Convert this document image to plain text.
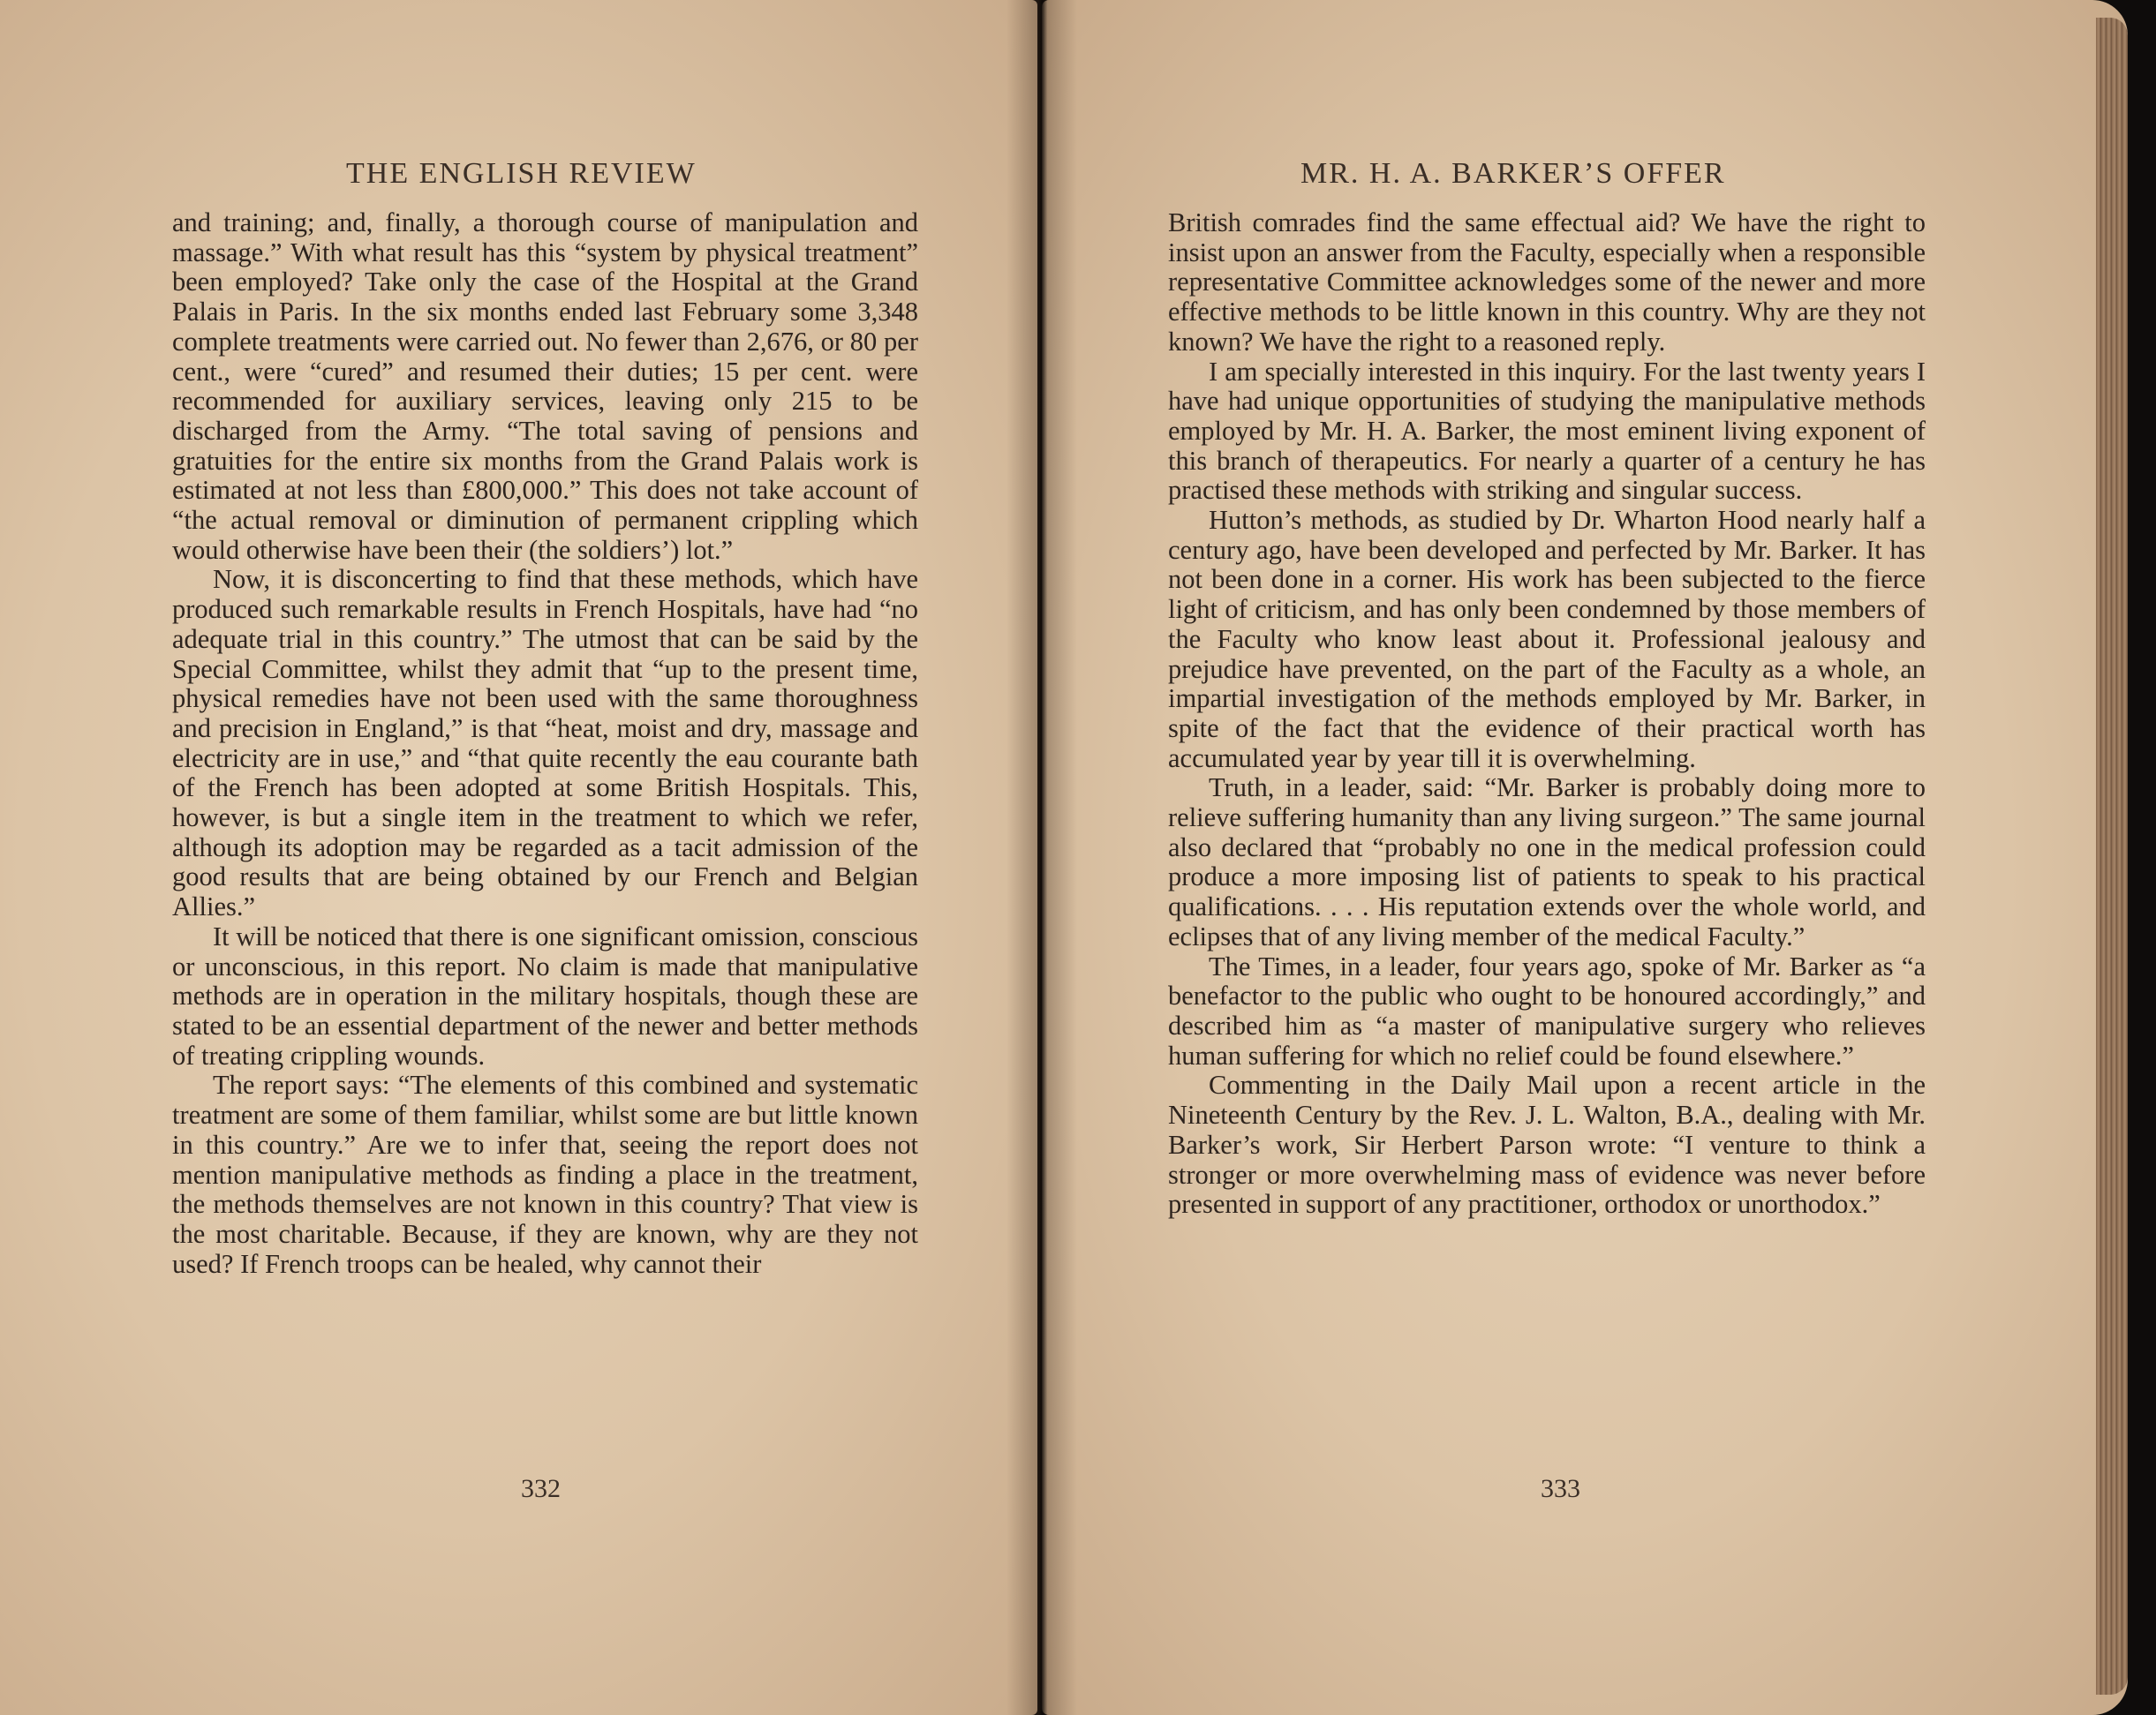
THE ENGLISH REVIEW

and training; and, finally, a thorough course of manipulation and massage.” With what result has this “system by physical treatment” been employed? Take only the case of the Hospital at the Grand Palais in Paris. In the six months ended last February some 3,348 complete treatments were carried out. No fewer than 2,676, or 80 per cent., were “cured” and resumed their duties; 15 per cent. were recommended for auxiliary services, leaving only 215 to be discharged from the Army. “The total saving of pensions and gratuities for the entire six months from the Grand Palais work is estimated at not less than £800,000.” This does not take account of “the actual removal or diminution of permanent crippling which would otherwise have been their (the soldiers’) lot.”

Now, it is disconcerting to find that these methods, which have produced such remarkable results in French Hospitals, have had “no adequate trial in this country.” The utmost that can be said by the Special Committee, whilst they admit that “up to the present time, physical remedies have not been used with the same thoroughness and precision in England,” is that “heat, moist and dry, massage and electricity are in use,” and “that quite recently the eau courante bath of the French has been adopted at some British Hospitals. This, however, is but a single item in the treatment to which we refer, although its adoption may be regarded as a tacit admission of the good results that are being obtained by our French and Belgian Allies.”

It will be noticed that there is one significant omission, conscious or unconscious, in this report. No claim is made that manipulative methods are in operation in the military hospitals, though these are stated to be an essential department of the newer and better methods of treating crippling wounds.

The report says: “The elements of this combined and systematic treatment are some of them familiar, whilst some are but little known in this country.” Are we to infer that, seeing the report does not mention manipulative methods as finding a place in the treatment, the methods themselves are not known in this country? That view is the most charitable. Because, if they are known, why are they not used? If French troops can be healed, why cannot their

332
MR. H. A. BARKER’S OFFER

British comrades find the same effectual aid? We have the right to insist upon an answer from the Faculty, especially when a responsible representative Committee acknowledges some of the newer and more effective methods to be little known in this country. Why are they not known? We have the right to a reasoned reply.

I am specially interested in this inquiry. For the last twenty years I have had unique opportunities of studying the manipulative methods employed by Mr. H. A. Barker, the most eminent living exponent of this branch of therapeutics. For nearly a quarter of a century he has practised these methods with striking and singular success.

Hutton’s methods, as studied by Dr. Wharton Hood nearly half a century ago, have been developed and perfected by Mr. Barker. It has not been done in a corner. His work has been subjected to the fierce light of criticism, and has only been condemned by those members of the Faculty who know least about it. Professional jealousy and prejudice have prevented, on the part of the Faculty as a whole, an impartial investigation of the methods employed by Mr. Barker, in spite of the fact that the evidence of their practical worth has accumulated year by year till it is overwhelming.

Truth, in a leader, said: “Mr. Barker is probably doing more to relieve suffering humanity than any living surgeon.” The same journal also declared that “probably no one in the medical profession could produce a more imposing list of patients to speak to his practical qualifications. . . . His reputation extends over the whole world, and eclipses that of any living member of the medical Faculty.”

The Times, in a leader, four years ago, spoke of Mr. Barker as “a benefactor to the public who ought to be honoured accordingly,” and described him as “a master of manipulative surgery who relieves human suffering for which no relief could be found elsewhere.”

Commenting in the Daily Mail upon a recent article in the Nineteenth Century by the Rev. J. L. Walton, B.A., dealing with Mr. Barker’s work, Sir Herbert Parson wrote: “I venture to think a stronger or more overwhelming mass of evidence was never before presented in support of any practitioner, orthodox or unorthodox.”

333
